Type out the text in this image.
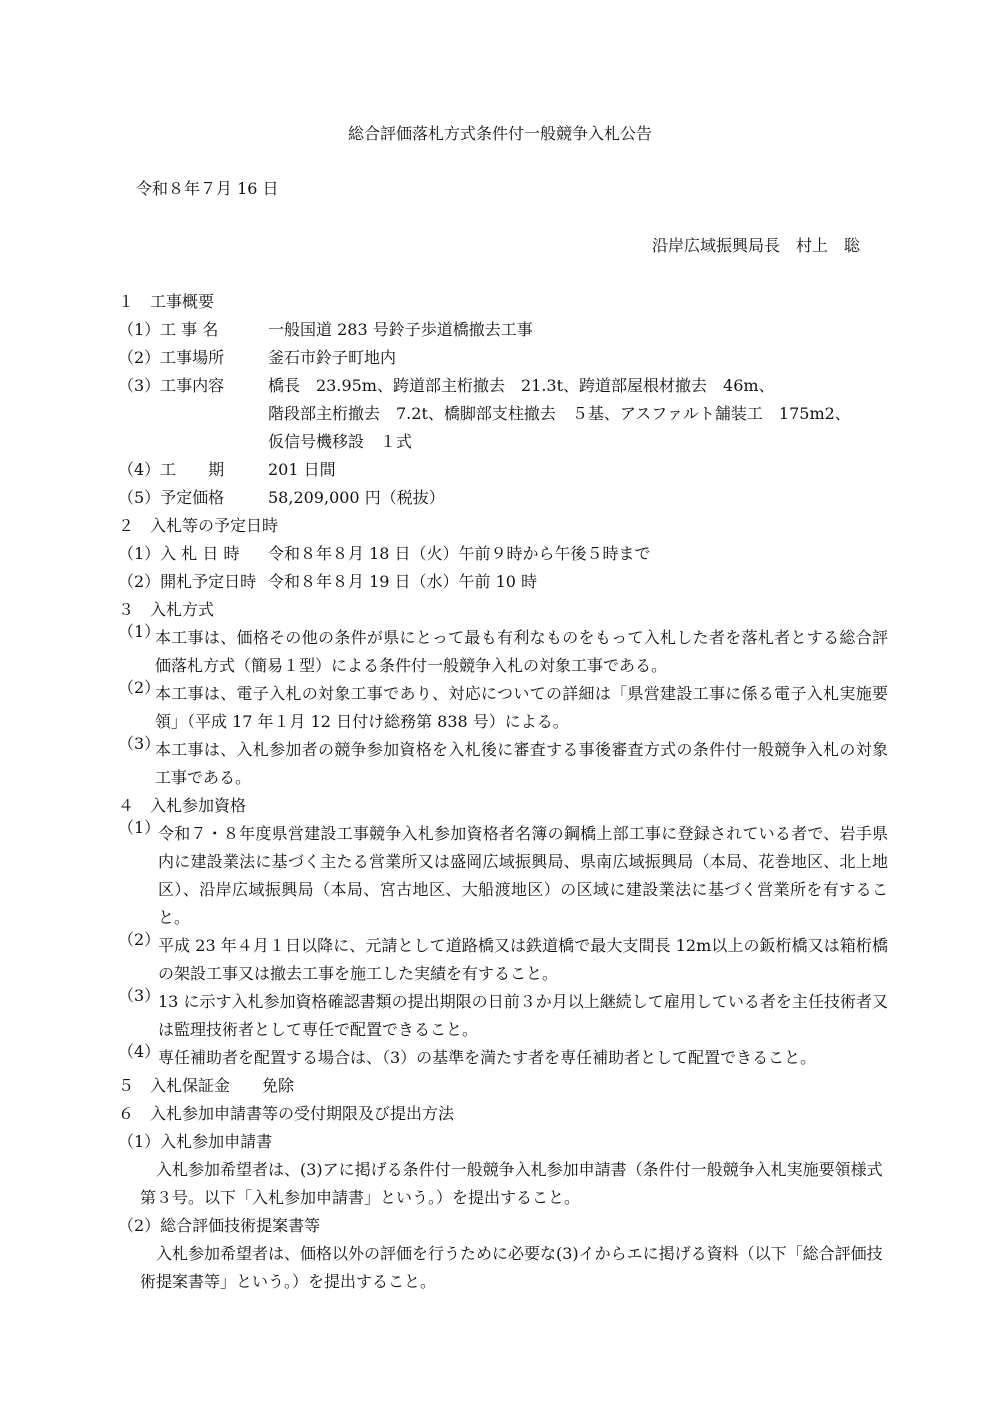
総合評価落札方式条件付一般競争入札公告
令和８年７月 16 日
沿岸広域振興局長　村上　聡
１　工事概要
（1）工 事 名	一般国道 283 号鈴子歩道橋撤去工事
（2）工事場所	釜石市鈴子町地内
（3）工事内容	橋長　23.95m、跨道部主桁撤去　21.3t、跨道部屋根材撤去　46m、
階段部主桁撤去　7.2t、橋脚部支柱撤去　５基、アスファルト舗装工　175m2、
仮信号機移設　１式
（4）工　　期	201 日間
（5）予定価格	58,209,000 円（税抜）
２　入札等の予定日時
（1）入 札 日 時	令和８年８月 18 日（火）午前９時から午後５時まで
（2）開札予定日時 令和８年８月 19 日（水）午前 10 時
３　入札方式
（1）
本工事は、価格その他の条件が県にとって最も有利なものをもって入札した者を落札者とする総合評価落札方式（簡易１型）による条件付一般競争入札の対象工事である。
（2）
本工事は、電子入札の対象工事であり、対応についての詳細は「県営建設工事に係る電子入札実施要領」（平成 17 年１月 12 日付け総務第 838 号）による。
（3）
本工事は、入札参加者の競争参加資格を入札後に審査する事後審査方式の条件付一般競争入札の対象工事である。
４　入札参加資格
（1）
令和７・８年度県営建設工事競争入札参加資格者名簿の鋼橋上部工事に登録されている者で、岩手県内に建設業法に基づく主たる営業所又は盛岡広域振興局、県南広域振興局（本局、花巻地区、北上地区）、沿岸広域振興局（本局、宮古地区、大船渡地区）の区域に建設業法に基づく営業所を有すること。
（2）
平成 23 年４月１日以降に、元請として道路橋又は鉄道橋で最大支間長 12m以上の鈑桁橋又は箱桁橋の架設工事又は撤去工事を施工した実績を有すること。
（3）
13 に示す入札参加資格確認書類の提出期限の日前３か月以上継続して雇用している者を主任技術者又は監理技術者として専任で配置できること。
（4）
専任補助者を配置する場合は、（3）の基準を満たす者を専任補助者として配置できること。
５　入札保証金　　免除
６　入札参加申請書等の受付期限及び提出方法
（1）入札参加申請書
入札参加希望者は、(3)アに掲げる条件付一般競争入札参加申請書（条件付一般競争入札実施要領様式第３号。以下「入札参加申請書」という。）を提出すること。
（2）総合評価技術提案書等
入札参加希望者は、価格以外の評価を行うために必要な(3)イからエに掲げる資料（以下「総合評価技術提案書等」という。）を提出すること。
